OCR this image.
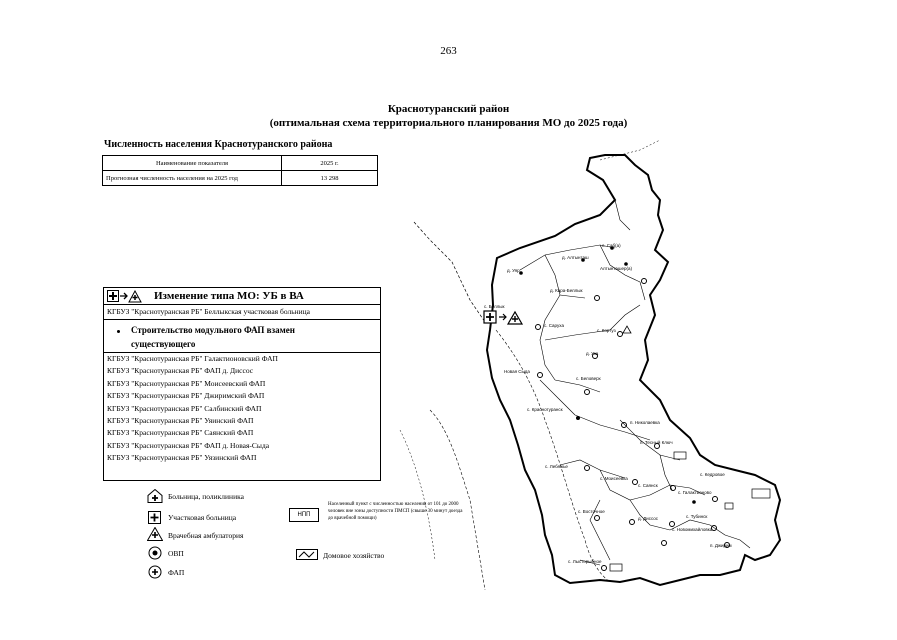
263
Краснотуранский район
(оптимальная схема территориального планирования МО до 2025 года)
Численность населения Краснотуранского района
Наименование показателя	2025 г.
Прогнозная численность населения на 2025 год	13 298
Изменение типа МО: УБ в ВА
КГБУЗ "Краснотуранская РБ" Беллыкская участковая больница
Строительство модульного ФАП взамен существующего
КГБУЗ "Краснотуранская РБ" Галактионовский ФАП
КГБУЗ "Краснотуранская РБ" ФАП д. Диссос
КГБУЗ "Краснотуранская РБ" Моисеевский ФАП
КГБУЗ "Краснотуранская РБ" Джиримский ФАП
КГБУЗ "Краснотуранская РБ" Салбинский ФАП
КГБУЗ "Краснотуранская РБ" Уяинский ФАП
КГБУЗ "Краснотуранская РБ" Саянский ФАП
КГБУЗ "Краснотуранская РБ" ФАП д. Новая-Сыда
КГБУЗ "Краснотуранская РБ" Уязинский ФАП
Больница, поликлиника
Участковая больница
Врачебная амбулатория
ОВП
ФАП
НПП
Населенный пункт с численностью населения от 101 до 2000 человек вне зоны доступности ПМСП (свыше 30 минут доезда до врачебной помощи)
Домовое хозяйство
с. Саб(а)
д. Уяр
д. Алтынташ
Алтынташер(а)
с. Беллык
д. Кара-Беллык
с. Саруха
с. Кортуз
д. Уза
Новая Сыда
с. Беловерх
с. Краснотуранск
п. Николаевка
п. Тесный Ключ
с. Лебяжье
с. Моисеевка
с. Саянск
с. Восточное
д. Диссос
с. Галактионово
с. Кедровое
с. Тубинск
с. Новомихайловка
п. Джирим
с. Лысторыбное
